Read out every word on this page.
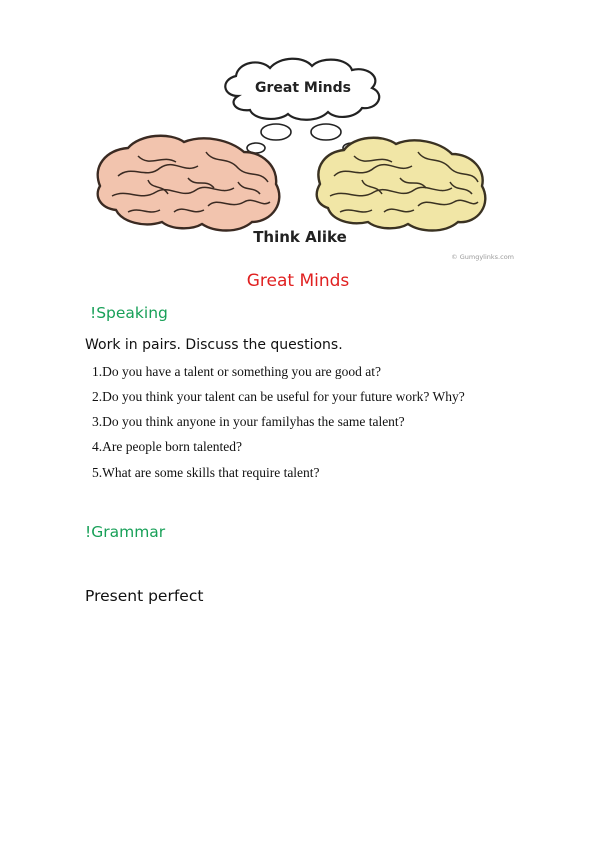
Great Minds
Think Alike
© Gumgylinks.com
Great Minds
!Speaking
Work in pairs. Discuss the questions.
1.Do you have a talent or something you are good at?
2.Do you think your talent can be useful for your future work? Why?
3.Do you think anyone in your familyhas the same talent?
4.Are people born talented?
5.What are some skills that require talent?
!Grammar
Present perfect
